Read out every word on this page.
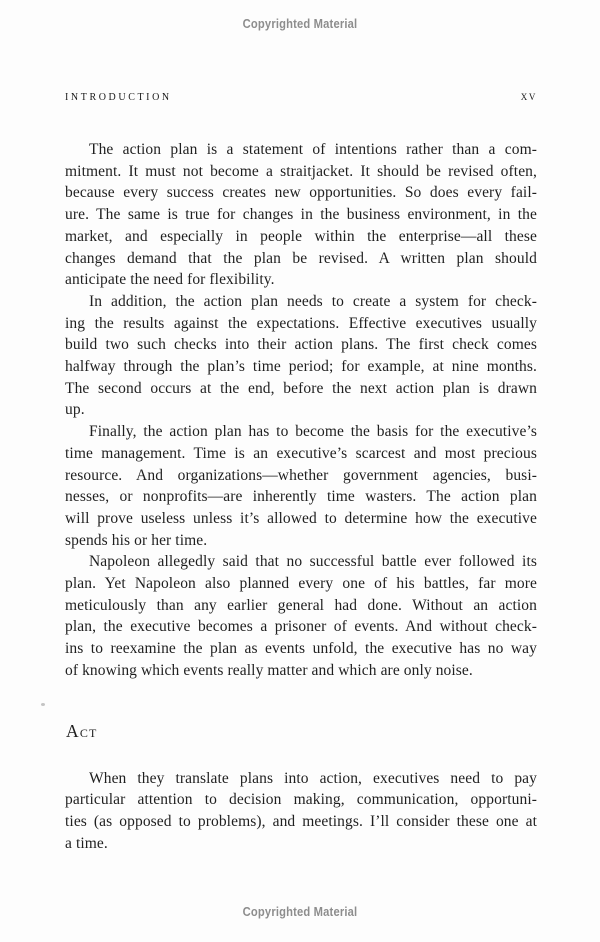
Copyrighted Material
INTRODUCTION	xv
The action plan is a statement of intentions rather than a com-
mitment. It must not become a straitjacket. It should be revised often,
because every success creates new opportunities. So does every fail-
ure. The same is true for changes in the business environment, in the
market, and especially in people within the enterprise—all these
changes demand that the plan be revised. A written plan should
anticipate the need for flexibility.
In addition, the action plan needs to create a system for check-
ing the results against the expectations. Effective executives usually
build two such checks into their action plans. The first check comes
halfway through the plan’s time period; for example, at nine months.
The second occurs at the end, before the next action plan is drawn
up.
Finally, the action plan has to become the basis for the executive’s
time management. Time is an executive’s scarcest and most precious
resource. And organizations—whether government agencies, busi-
nesses, or nonprofits—are inherently time wasters. The action plan
will prove useless unless it’s allowed to determine how the executive
spends his or her time.
Napoleon allegedly said that no successful battle ever followed its
plan. Yet Napoleon also planned every one of his battles, far more
meticulously than any earlier general had done. Without an action
plan, the executive becomes a prisoner of events. And without check-
ins to reexamine the plan as events unfold, the executive has no way
of knowing which events really matter and which are only noise.
Act
When they translate plans into action, executives need to pay
particular attention to decision making, communication, opportuni-
ties (as opposed to problems), and meetings. I’ll consider these one at
a time.
Copyrighted Material
